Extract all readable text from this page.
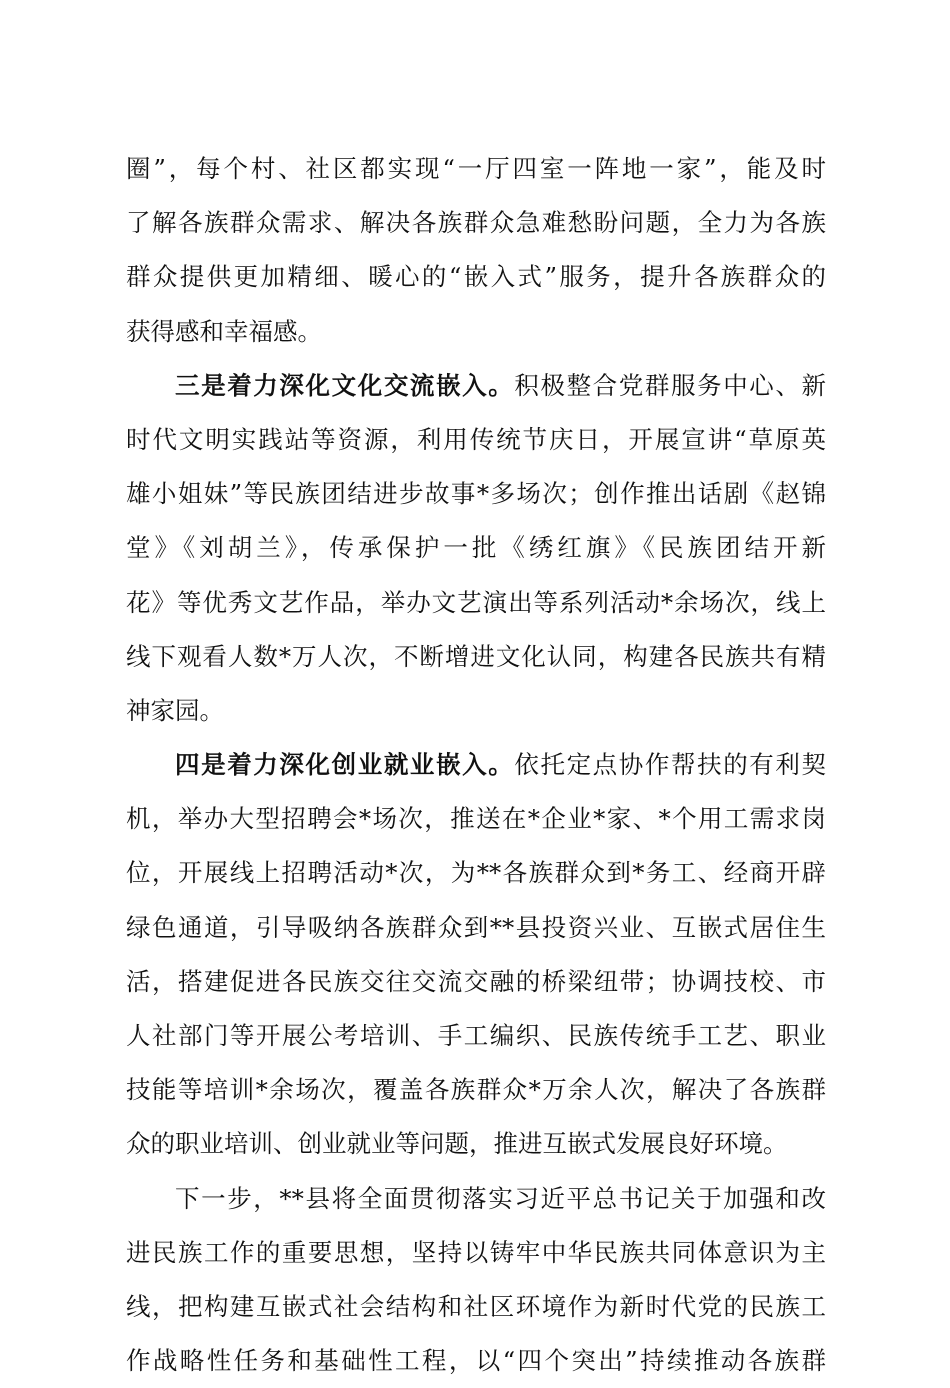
圈”，每个村、社区都实现“一厅四室一阵地一家”，能及时
了解各族群众需求、解决各族群众急难愁盼问题，全力为各族
群众提供更加精细、暖心的“嵌入式”服务，提升各族群众的
获得感和幸福感。
三是着力深化文化交流嵌入。积极整合党群服务中心、新
时代文明实践站等资源，利用传统节庆日，开展宣讲“草原英
雄小姐妹”等民族团结进步故事*多场次；创作推出话剧《赵锦
堂》《刘胡兰》，传承保护一批《绣红旗》《民族团结开新
花》等优秀文艺作品，举办文艺演出等系列活动*余场次，线上
线下观看人数*万人次，不断增进文化认同，构建各民族共有精
神家园。
四是着力深化创业就业嵌入。依托定点协作帮扶的有利契
机，举办大型招聘会*场次，推送在*企业*家、*个用工需求岗
位，开展线上招聘活动*次，为**各族群众到*务工、经商开辟
绿色通道，引导吸纳各族群众到**县投资兴业、互嵌式居住生
活，搭建促进各民族交往交流交融的桥梁纽带；协调技校、市
人社部门等开展公考培训、手工编织、民族传统手工艺、职业
技能等培训*余场次，覆盖各族群众*万余人次，解决了各族群
众的职业培训、创业就业等问题，推进互嵌式发展良好环境。
下一步，**县将全面贯彻落实习近平总书记关于加强和改
进民族工作的重要思想，坚持以铸牢中华民族共同体意识为主
线，把构建互嵌式社会结构和社区环境作为新时代党的民族工
作战略性任务和基础性工程，以“四个突出”持续推动各族群
